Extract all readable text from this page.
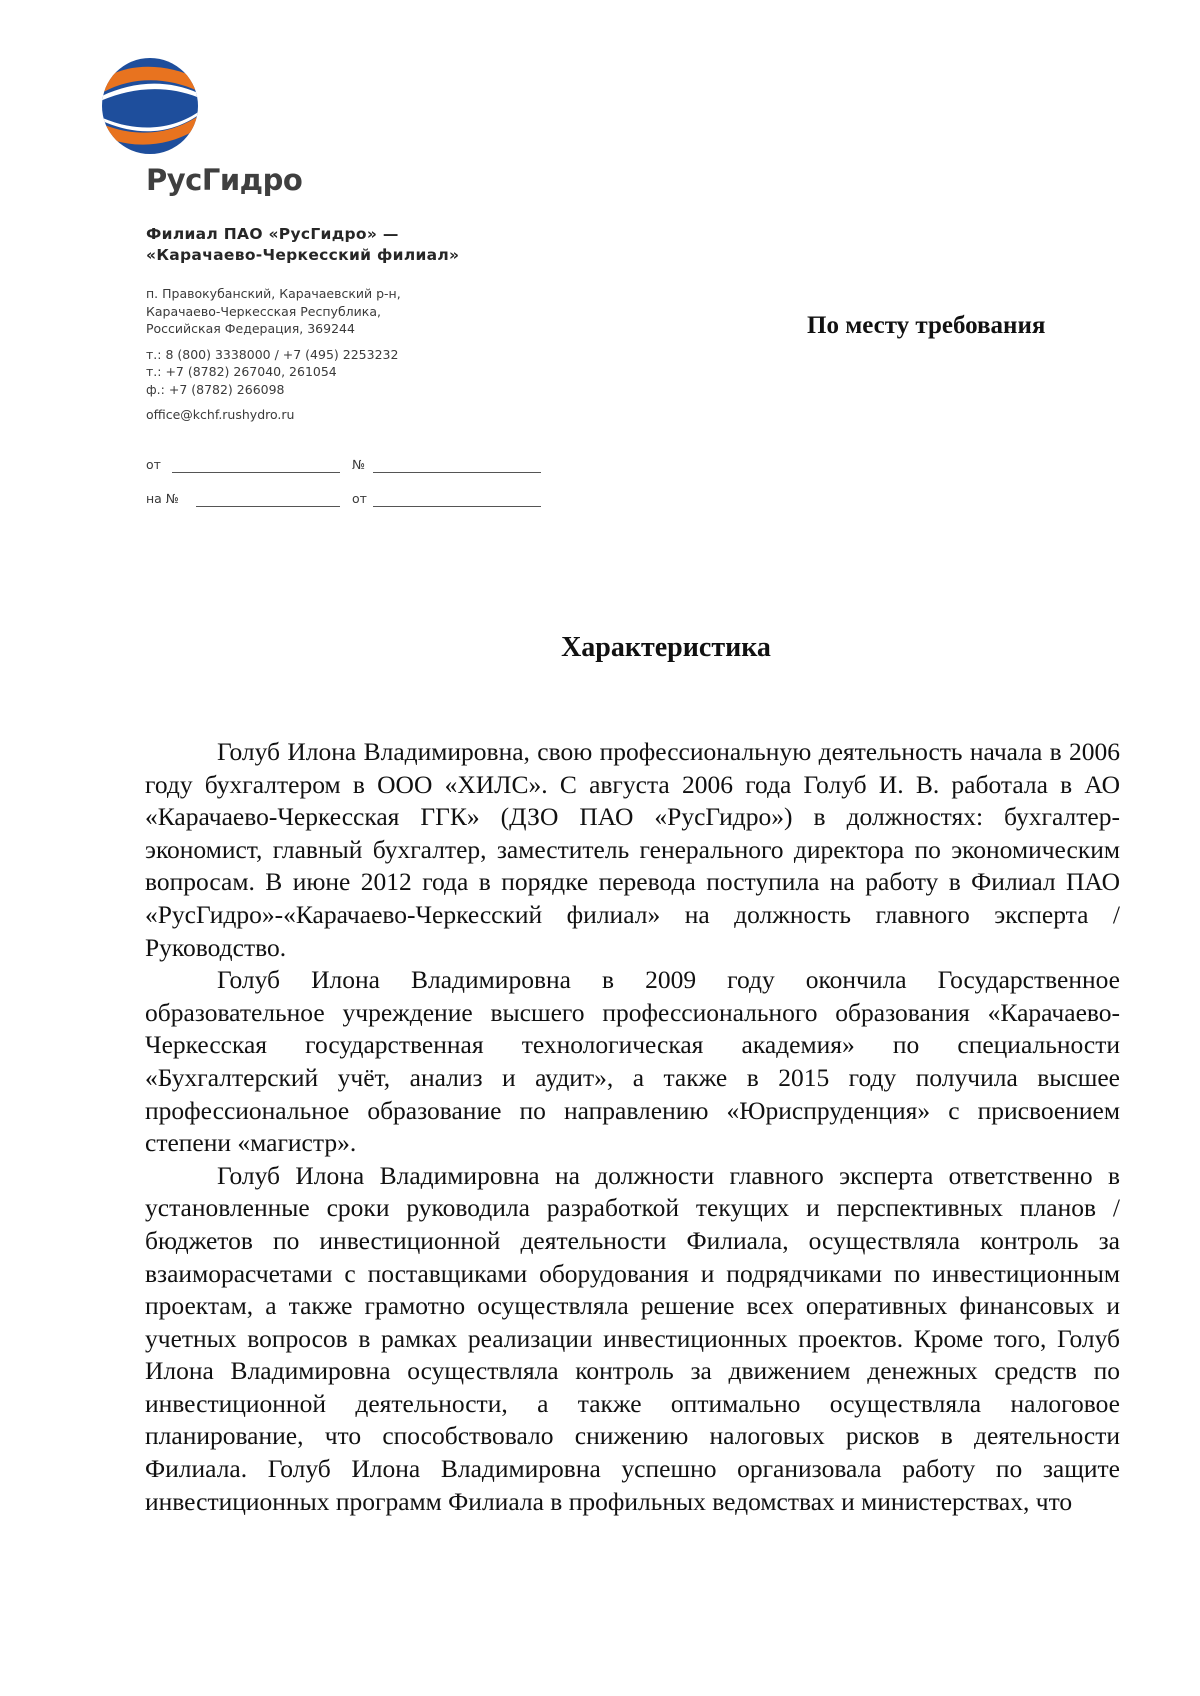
РусГидро
Филиал ПАО «РусГидро» —
«Карачаево-Черкесский филиал»
п. Правокубанский, Карачаевский р-н,
Карачаево-Черкесская Республика,
Российская Федерация, 369244
т.: 8 (800) 3338000 / +7 (495) 2253232
т.: +7 (8782) 267040, 261054
ф.: +7 (8782) 266098
office@kchf.rushydro.ru
от	№
на №	от
По месту требования
Характеристика

Голуб Илона Владимировна, свою профессиональную деятельность начала в 2006 году бухгалтером в ООО «ХИЛС». С августа 2006 года Голуб И. В. работала в АО «Карачаево-Черкесская ГГК» (ДЗО ПАО «РусГидро») в должностях: бухгалтер-экономист, главный бухгалтер, заместитель генерального директора по экономическим вопросам. В июне 2012 года в порядке перевода поступила на работу в Филиал ПАО «РусГидро»-«Карачаево-Черкесский филиал» на должность главного эксперта / Руководство.

Голуб Илона Владимировна в 2009 году окончила Государственное образовательное учреждение высшего профессионального образования «Карачаево-Черкесская государственная технологическая академия» по специальности «Бухгалтерский учёт, анализ и аудит», а также в 2015 году получила высшее профессиональное образование по направлению «Юриспруденция» с присвоением степени «магистр».

Голуб Илона Владимировна на должности главного эксперта ответственно в установленные сроки руководила разработкой текущих и перспективных планов / бюджетов по инвестиционной деятельности Филиала, осуществляла контроль за взаиморасчетами с поставщиками оборудования и подрядчиками по инвестиционным проектам, а также грамотно осуществляла решение всех оперативных финансовых и учетных вопросов в рамках реализации инвестиционных проектов. Кроме того, Голуб Илона Владимировна осуществляла контроль за движением денежных средств по инвестиционной деятельности, а также оптимально осуществляла налоговое планирование, что способствовало снижению налоговых рисков в деятельности Филиала. Голуб Илона Владимировна успешно организовала работу по защите инвестиционных программ Филиала в профильных ведомствах и министерствах, что
